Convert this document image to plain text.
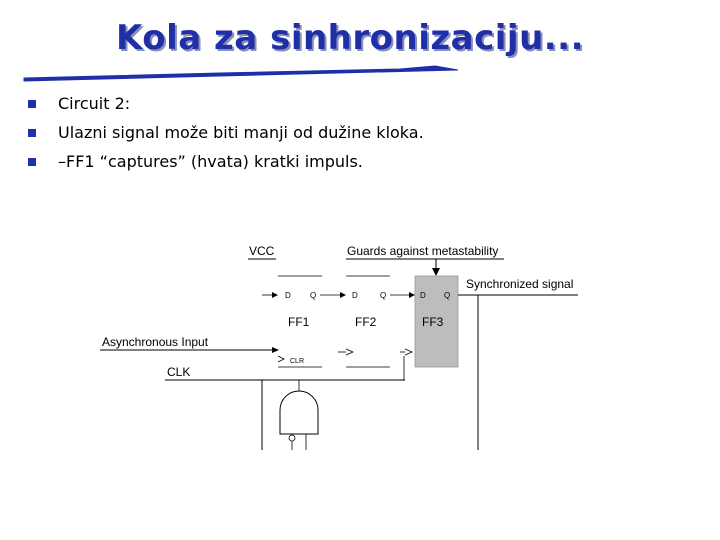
Kola za sinhronizaciju...
Circuit 2:
Ulazni signal može biti manji od dužine kloka.
–FF1 “captures” (hvata) kratki impuls.
VCC	Guards against metastability
Synchronized signal
Asynchronous Input
CLK
D Q	D	Q	D Q
FF1	FF2	FF3
CLR
